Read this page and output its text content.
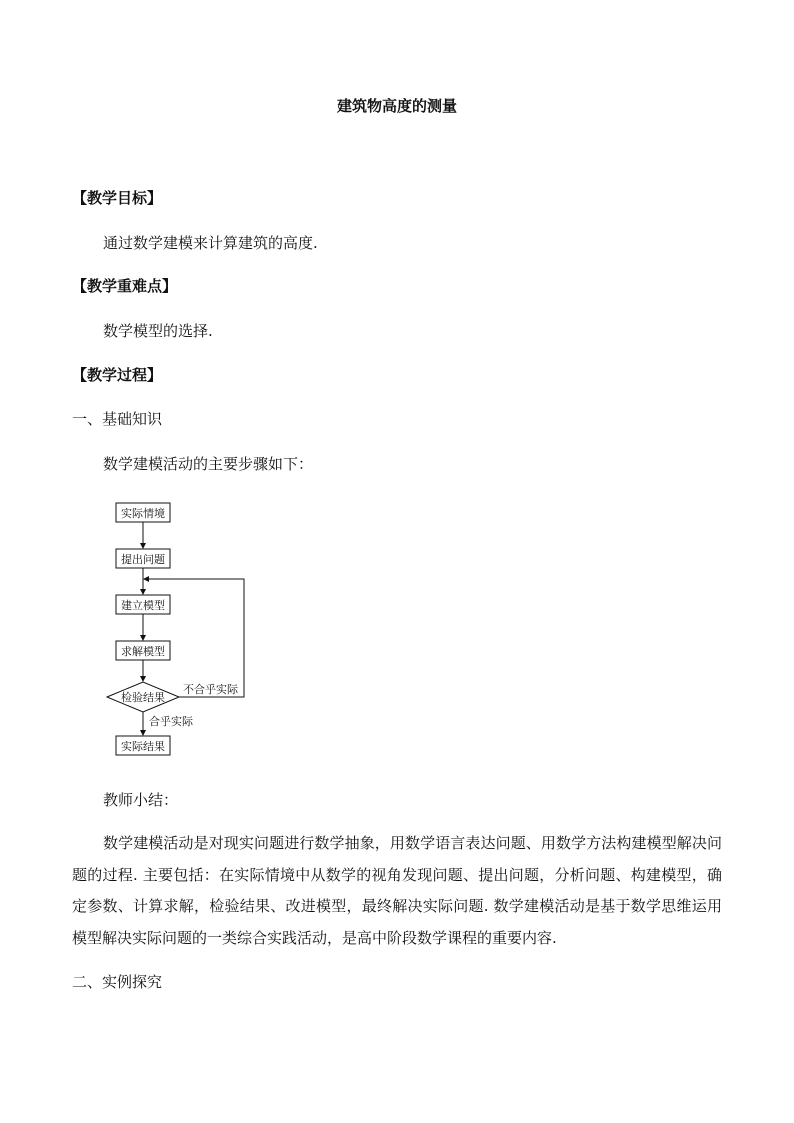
建筑物高度的测量
【教学目标】
通过数学建模来计算建筑的高度.
【教学重难点】
数学模型的选择.
【教学过程】
一、基础知识
数学建模活动的主要步骤如下：
实际情境
提出问题
建立模型
求解模型
检验结果
实际结果
不合乎实际
合乎实际
教师小结：
数学建模活动是对现实问题进行数学抽象，用数学语言表达问题、用数学方法构建模型解决问题的过程. 主要包括：在实际情境中从数学的视角发现问题、提出问题，分析问题、构建模型，确定参数、计算求解，检验结果、改进模型，最终解决实际问题. 数学建模活动是基于数学思维运用模型解决实际问题的一类综合实践活动，是高中阶段数学课程的重要内容.
二、实例探究
